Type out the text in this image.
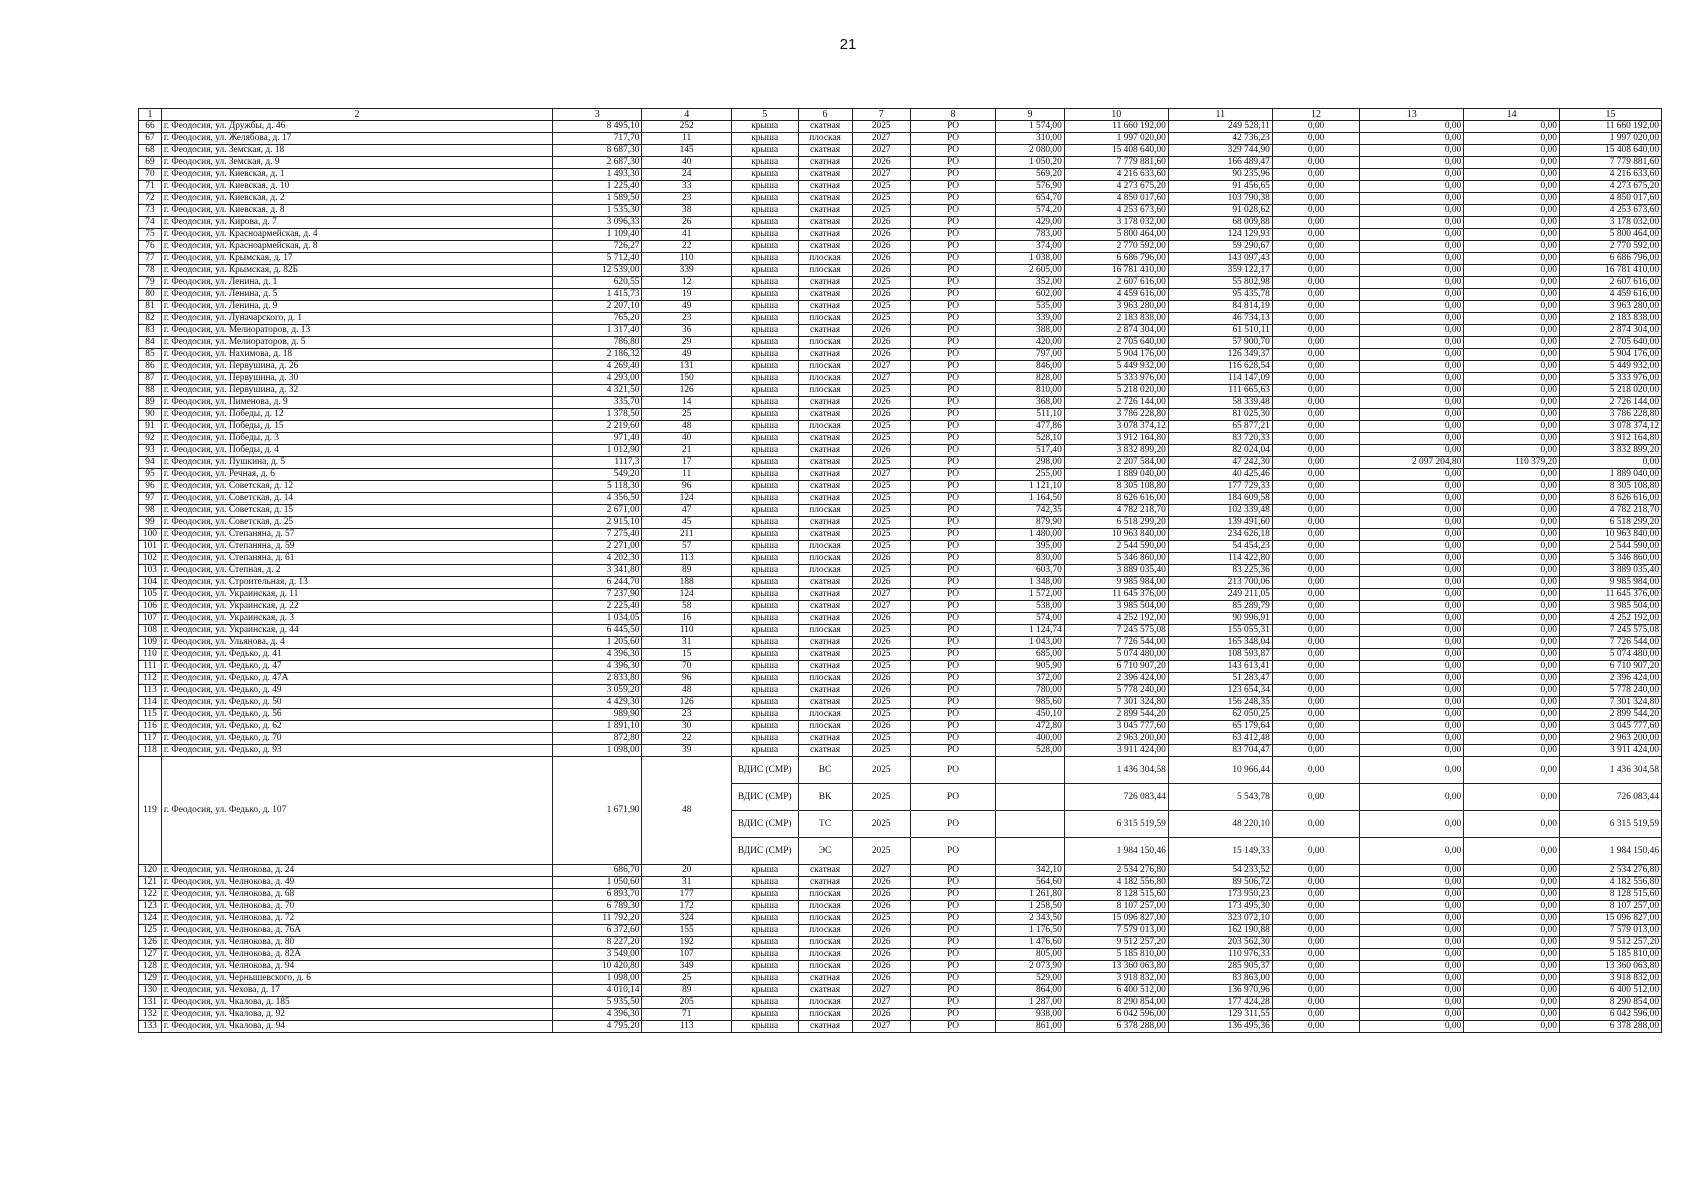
21
1	2	3	4	5	6	7	8	9	10	11	12	13	14	15
66	г. Феодосия, ул. Дружбы, д. 46	8 495,10	252	крыша	скатная	2025	РО	1 574,00	11 660 192,00	249 528,11	0,00	0,00	0,00	11 660 192,00
67	г. Феодосия, ул. Желябова, д. 17	717,70	11	крыша	плоская	2027	РО	310,00	1 997 020,00	42 736,23	0,00	0,00	0,00	1 997 020,00
68	г. Феодосия, ул. Земская, д. 18	8 687,30	145	крыша	скатная	2027	РО	2 080,00	15 408 640,00	329 744,90	0,00	0,00	0,00	15 408 640,00
69	г. Феодосия, ул. Земская, д. 9	2 687,30	40	крыша	скатная	2026	РО	1 050,20	7 779 881,60	166 489,47	0,00	0,00	0,00	7 779 881,60
70	г. Феодосия, ул. Киевская, д. 1	1 493,30	24	крыша	скатная	2027	РО	569,20	4 216 633,60	90 235,96	0,00	0,00	0,00	4 216 633,60
71	г. Феодосия, ул. Киевская, д. 10	1 225,40	33	крыша	скатная	2025	РО	576,90	4 273 675,20	91 456,65	0,00	0,00	0,00	4 273 675,20
72	г. Феодосия, ул. Киевская, д. 2	1 589,50	23	крыша	скатная	2025	РО	654,70	4 850 017,60	103 790,38	0,00	0,00	0,00	4 850 017,60
73	г. Феодосия, ул. Киевская, д. 8	1 535,30	38	крыша	скатная	2025	РО	574,20	4 253 673,60	91 028,62	0,00	0,00	0,00	4 253 673,60
74	г. Феодосия, ул. Кирова, д. 7	3 096,33	26	крыша	скатная	2026	РО	429,00	3 178 032,00	68 009,88	0,00	0,00	0,00	3 178 032,00
75	г. Феодосия, ул. Красноармейская, д. 4	1 109,40	41	крыша	скатная	2026	РО	783,00	5 800 464,00	124 129,93	0,00	0,00	0,00	5 800 464,00
76	г. Феодосия, ул. Красноармейская, д. 8	726,27	22	крыша	скатная	2026	РО	374,00	2 770 592,00	59 290,67	0,00	0,00	0,00	2 770 592,00
77	г. Феодосия, ул. Крымская, д. 17	5 712,40	110	крыша	плоская	2026	РО	1 038,00	6 686 796,00	143 097,43	0,00	0,00	0,00	6 686 796,00
78	г. Феодосия, ул. Крымская, д. 82Б	12 539,00	339	крыша	плоская	2026	РО	2 605,00	16 781 410,00	359 122,17	0,00	0,00	0,00	16 781 410,00
79	г. Феодосия, ул. Ленина, д. 1	620,55	12	крыша	скатная	2025	РО	352,00	2 607 616,00	55 802,98	0,00	0,00	0,00	2 607 616,00
80	г. Феодосия, ул. Ленина, д. 5	1 415,73	19	крыша	скатная	2026	РО	602,00	4 459 616,00	95 435,78	0,00	0,00	0,00	4 459 616,00
81	г. Феодосия, ул. Ленина, д. 9	2 207,10	49	крыша	скатная	2025	РО	535,00	3 963 280,00	84 814,19	0,00	0,00	0,00	3 963 280,00
82	г. Феодосия, ул. Луначарского, д. 1	765,20	23	крыша	плоская	2025	РО	339,00	2 183 838,00	46 734,13	0,00	0,00	0,00	2 183 838,00
83	г. Феодосия, ул. Мелиораторов, д. 13	1 317,40	36	крыша	скатная	2026	РО	388,00	2 874 304,00	61 510,11	0,00	0,00	0,00	2 874 304,00
84	г. Феодосия, ул. Мелиораторов, д. 5	786,80	29	крыша	плоская	2026	РО	420,00	2 705 640,00	57 900,70	0,00	0,00	0,00	2 705 640,00
85	г. Феодосия, ул. Нахимова, д. 18	2 186,32	49	крыша	скатная	2026	РО	797,00	5 904 176,00	126 349,37	0,00	0,00	0,00	5 904 176,00
86	г. Феодосия, ул. Первушина, д. 26	4 269,40	131	крыша	плоская	2027	РО	846,00	5 449 932,00	116 628,54	0,00	0,00	0,00	5 449 932,00
87	г. Феодосия, ул. Первушина, д. 30	4 293,00	150	крыша	плоская	2027	РО	828,00	5 333 976,00	114 147,09	0,00	0,00	0,00	5 333 976,00
88	г. Феодосия, ул. Первушина, д. 32	4 321,50	126	крыша	плоская	2025	РО	810,00	5 218 020,00	111 665,63	0,00	0,00	0,00	5 218 020,00
89	г. Феодосия, ул. Пименова, д. 9	335,70	14	крыша	скатная	2026	РО	368,00	2 726 144,00	58 339,48	0,00	0,00	0,00	2 726 144,00
90	г. Феодосия, ул. Победы, д. 12	1 378,50	25	крыша	скатная	2026	РО	511,10	3 786 228,80	81 025,30	0,00	0,00	0,00	3 786 228,80
91	г. Феодосия, ул. Победы, д. 15	2 219,60	48	крыша	плоская	2025	РО	477,86	3 078 374,12	65 877,21	0,00	0,00	0,00	3 078 374,12
92	г. Феодосия, ул. Победы, д. 3	971,40	40	крыша	скатная	2025	РО	528,10	3 912 164,80	83 720,33	0,00	0,00	0,00	3 912 164,80
93	г. Феодосия, ул. Победы, д. 4	1 012,90	21	крыша	скатная	2026	РО	517,40	3 832 899,20	82 024,04	0,00	0,00	0,00	3 832 899,20
94	г. Феодосия, ул. Пушкина, д. 5	1117,3	17	крыша	скатная	2025	РО	298,00	2 207 584,00	47 242,30	0,00	2 097 204,80	110 379,20	0,00
95	г. Феодосия, ул. Речная, д. 6	549,20	11	крыша	скатная	2027	РО	255,00	1 889 040,00	40 425,46	0,00	0,00	0,00	1 889 040,00
96	г. Феодосия, ул. Советская, д. 12	5 118,30	96	крыша	скатная	2025	РО	1 121,10	8 305 108,80	177 729,33	0,00	0,00	0,00	8 305 108,80
97	г. Феодосия, ул. Советская, д. 14	4 356,50	124	крыша	скатная	2025	РО	1 164,50	8 626 616,00	184 609,58	0,00	0,00	0,00	8 626 616,00
98	г. Феодосия, ул. Советская, д. 15	2 671,00	47	крыша	плоская	2025	РО	742,35	4 782 218,70	102 339,48	0,00	0,00	0,00	4 782 218,70
99	г. Феодосия, ул. Советская, д. 25	2 915,10	45	крыша	скатная	2025	РО	879,90	6 518 299,20	139 491,60	0,00	0,00	0,00	6 518 299,20
100	г. Феодосия, ул. Степаняна, д. 57	7 275,40	211	крыша	скатная	2025	РО	1 480,00	10 963 840,00	234 626,18	0,00	0,00	0,00	10 963 840,00
101	г. Феодосия, ул. Степаняна, д. 59	2 271,00	57	крыша	плоская	2025	РО	395,00	2 544 590,00	54 454,23	0,00	0,00	0,00	2 544 590,00
102	г. Феодосия, ул. Степаняна, д. 61	4 202,30	113	крыша	плоская	2026	РО	830,00	5 346 860,00	114 422,80	0,00	0,00	0,00	5 346 860,00
103	г. Феодосия, ул. Степная, д. 2	3 341,80	89	крыша	плоская	2025	РО	603,70	3 889 035,40	83 225,36	0,00	0,00	0,00	3 889 035,40
104	г. Феодосия, ул. Строительная, д. 13	6 244,70	188	крыша	скатная	2026	РО	1 348,00	9 985 984,00	213 700,06	0,00	0,00	0,00	9 985 984,00
105	г. Феодосия, ул. Украинская, д. 11	7 237,90	124	крыша	скатная	2027	РО	1 572,00	11 645 376,00	249 211,05	0,00	0,00	0,00	11 645 376,00
106	г. Феодосия, ул. Украинская, д. 22	2 225,40	58	крыша	скатная	2027	РО	538,00	3 985 504,00	85 289,79	0,00	0,00	0,00	3 985 504,00
107	г. Феодосия, ул. Украинская, д. 3	1 034,05	16	крыша	скатная	2026	РО	574,00	4 252 192,00	90 996,91	0,00	0,00	0,00	4 252 192,00
108	г. Феодосия, ул. Украинская, д. 44	6 445,50	110	крыша	плоская	2025	РО	1 124,74	7 245 575,08	155 055,31	0,00	0,00	0,00	7 245 575,08
109	г. Феодосия, ул. Ульянова, д. 4	1 205,60	31	крыша	скатная	2026	РО	1 043,00	7 726 544,00	165 348,04	0,00	0,00	0,00	7 726 544,00
110	г. Феодосия, ул. Федько, д. 41	4 396,30	15	крыша	скатная	2025	РО	685,00	5 074 480,00	108 593,87	0,00	0,00	0,00	5 074 480,00
111	г. Феодосия, ул. Федько, д. 47	4 396,30	70	крыша	скатная	2025	РО	905,90	6 710 907,20	143 613,41	0,00	0,00	0,00	6 710 907,20
112	г. Феодосия, ул. Федько, д. 47А	2 833,80	96	крыша	плоская	2026	РО	372,00	2 396 424,00	51 283,47	0,00	0,00	0,00	2 396 424,00
113	г. Феодосия, ул. Федько, д. 49	3 059,20	48	крыша	скатная	2026	РО	780,00	5 778 240,00	123 654,34	0,00	0,00	0,00	5 778 240,00
114	г. Феодосия, ул. Федько, д. 50	4 429,30	126	крыша	скатная	2025	РО	985,60	7 301 324,80	156 248,35	0,00	0,00	0,00	7 301 324,80
115	г. Феодосия, ул. Федько, д. 56	989,90	23	крыша	плоская	2025	РО	450,10	2 899 544,20	62 050,25	0,00	0,00	0,00	2 899 544,20
116	г. Феодосия, ул. Федько, д. 62	1 891,10	30	крыша	плоская	2026	РО	472,80	3 045 777,60	65 179,64	0,00	0,00	0,00	3 045 777,60
117	г. Феодосия, ул. Федько, д. 70	872,80	22	крыша	скатная	2025	РО	400,00	2 963 200,00	63 412,48	0,00	0,00	0,00	2 963 200,00
118	г. Феодосия, ул. Федько, д. 93	1 098,00	39	крыша	скатная	2025	РО	528,00	3 911 424,00	83 704,47	0,00	0,00	0,00	3 911 424,00
119	г. Феодосия, ул. Федько, д. 107	1 671,90	48	ВДИС (СМР)	ВС	2025	РО		1 436 304,58	10 966,44	0,00	0,00	0,00	1 436 304,58
				ВДИС (СМР)	ВК	2025	РО		726 083,44	5 543,78	0,00	0,00	0,00	726 083,44
				ВДИС (СМР)	ТС	2025	РО		6 315 519,59	48 220,10	0,00	0,00	0,00	6 315 519,59
				ВДИС (СМР)	ЭС	2025	РО		1 984 150,46	15 149,33	0,00	0,00	0,00	1 984 150,46
120	г. Феодосия, ул. Челнокова, д. 24	686,70	20	крыша	скатная	2027	РО	342,10	2 534 276,80	54 233,52	0,00	0,00	0,00	2 534 276,80
121	г. Феодосия, ул. Челнокова, д. 49	1 050,60	31	крыша	скатная	2026	РО	564,60	4 182 556,80	89 506,72	0,00	0,00	0,00	4 182 556,80
122	г. Феодосия, ул. Челнокова, д. 68	6 893,70	177	крыша	плоская	2026	РО	1 261,80	8 128 515,60	173 950,23	0,00	0,00	0,00	8 128 515,60
123	г. Феодосия, ул. Челнокова, д. 70	6 789,30	172	крыша	плоская	2026	РО	1 258,50	8 107 257,00	173 495,30	0,00	0,00	0,00	8 107 257,00
124	г. Феодосия, ул. Челнокова, д. 72	11 792,20	324	крыша	плоская	2025	РО	2 343,50	15 096 827,00	323 072,10	0,00	0,00	0,00	15 096 827,00
125	г. Феодосия, ул. Челнокова, д. 76А	6 372,60	155	крыша	плоская	2026	РО	1 176,50	7 579 013,00	162 190,88	0,00	0,00	0,00	7 579 013,00
126	г. Феодосия, ул. Челнокова, д. 80	8 227,20	192	крыша	плоская	2026	РО	1 476,60	9 512 257,20	203 562,30	0,00	0,00	0,00	9 512 257,20
127	г. Феодосия, ул. Челнокова, д. 82А	3 549,00	107	крыша	плоская	2026	РО	805,00	5 185 810,00	110 976,33	0,00	0,00	0,00	5 185 810,00
128	г. Феодосия, ул. Челнокова, д. 94	10 420,80	349	крыша	плоская	2026	РО	2 073,90	13 360 063,80	285 905,37	0,00	0,00	0,00	13 360 063,80
129	г. Феодосия, ул. Чернышевского, д. 6	1 098,00	25	крыша	скатная	2026	РО	529,00	3 918 832,00	83 863,00	0,00	0,00	0,00	3 918 832,00
130	г. Феодосия, ул. Чехова, д. 17	4 010,14	89	крыша	скатная	2027	РО	864,00	6 400 512,00	136 970,96	0,00	0,00	0,00	6 400 512,00
131	г. Феодосия, ул. Чкалова, д. 185	5 935,50	205	крыша	плоская	2027	РО	1 287,00	8 290 854,00	177 424,28	0,00	0,00	0,00	8 290 854,00
132	г. Феодосия, ул. Чкалова, д. 92	4 396,30	71	крыша	плоская	2026	РО	938,00	6 042 596,00	129 311,55	0,00	0,00	0,00	6 042 596,00
133	г. Феодосия, ул. Чкалова, д. 94	4 795,20	113	крыша	скатная	2027	РО	861,00	6 378 288,00	136 495,36	0,00	0,00	0,00	6 378 288,00
